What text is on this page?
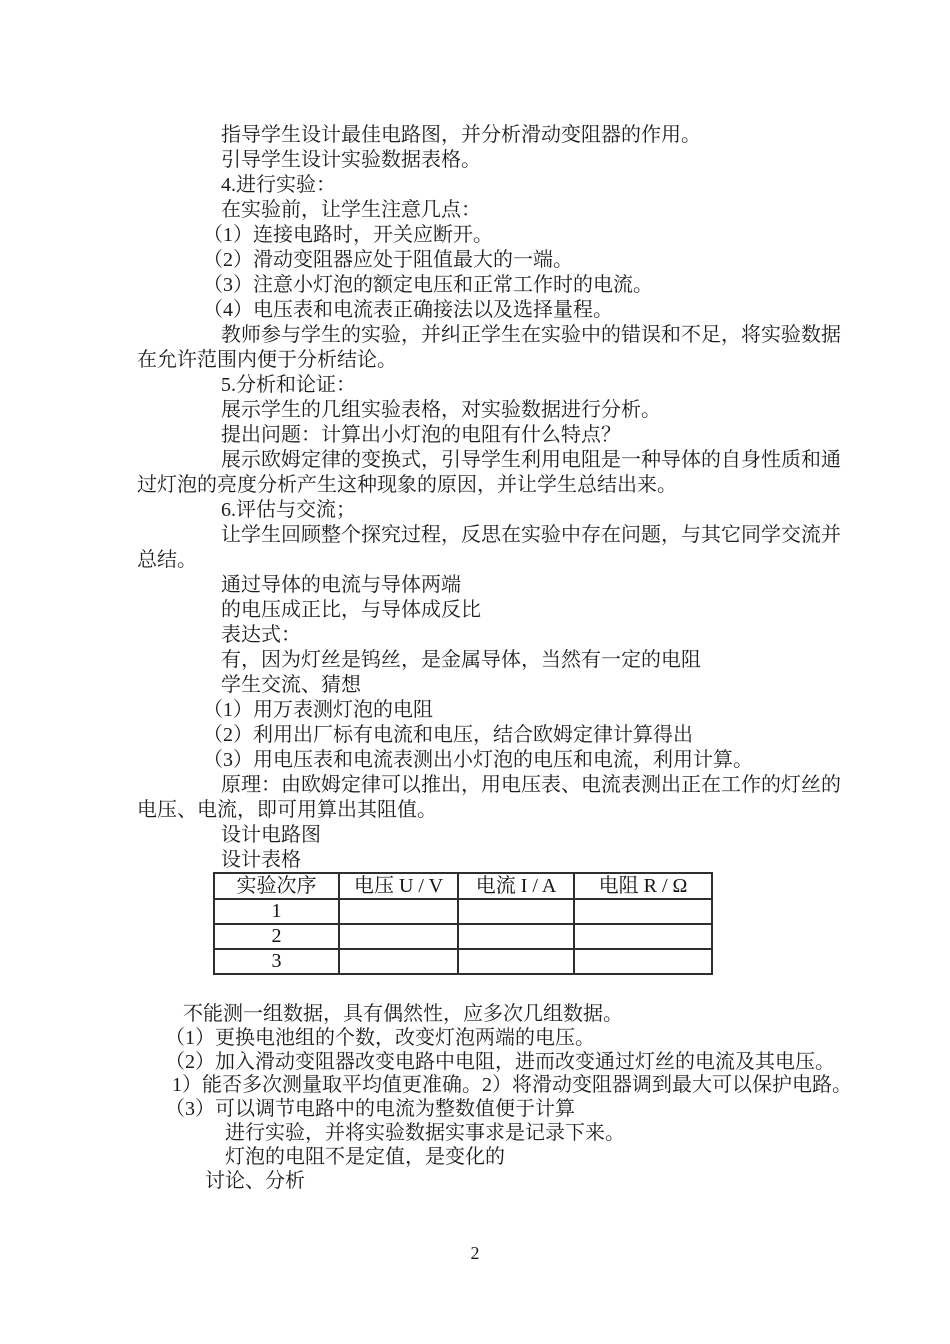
指导学生设计最佳电路图，并分析滑动变阻器的作用。
引导学生设计实验数据表格。
4.进行实验：
在实验前，让学生注意几点：
（1）连接电路时，开关应断开。
（2）滑动变阻器应处于阻值最大的一端。
（3）注意小灯泡的额定电压和正常工作时的电流。
（4）电压表和电流表正确接法以及选择量程。
教师参与学生的实验，并纠正学生在实验中的错误和不足，将实验数据
在允许范围内便于分析结论。
5.分析和论证：
展示学生的几组实验表格，对实验数据进行分析。
提出问题：计算出小灯泡的电阻有什么特点？
展示欧姆定律的变换式，引导学生利用电阻是一种导体的自身性质和通
过灯泡的亮度分析产生这种现象的原因，并让学生总结出来。
6.评估与交流；
让学生回顾整个探究过程，反思在实验中存在问题，与其它同学交流并
总结。
通过导体的电流与导体两端
的电压成正比，与导体成反比
表达式：
有，因为灯丝是钨丝，是金属导体，当然有一定的电阻
学生交流、猜想
（1）用万表测灯泡的电阻
（2）利用出厂标有电流和电压，结合欧姆定律计算得出
（3）用电压表和电流表测出小灯泡的电压和电流，利用计算。
原理：由欧姆定律可以推出，用电压表、电流表测出正在工作的灯丝的
电压、电流，即可用算出其阻值。
设计电路图
设计表格
实验次序	电压 U / V	电流 I / A	电阻 R / Ω
1			
2			
3			
不能测一组数据，具有偶然性，应多次几组数据。
（1）更换电池组的个数，改变灯泡两端的电压。
（2）加入滑动变阻器改变电路中电阻，进而改变通过灯丝的电流及其电压。
1）能否多次测量取平均值更准确。2）将滑动变阻器调到最大可以保护电路。
（3）可以调节电路中的电流为整数值便于计算
进行实验，并将实验数据实事求是记录下来。
灯泡的电阻不是定值，是变化的
讨论、分析
2
